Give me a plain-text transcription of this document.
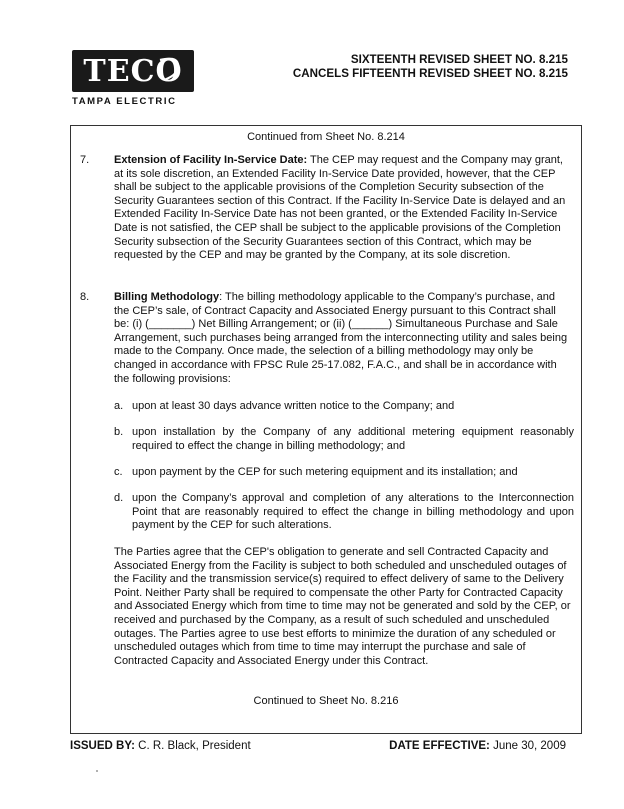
TECO
TAMPA ELECTRIC
SIXTEENTH REVISED SHEET NO. 8.215
CANCELS FIFTEENTH REVISED SHEET NO. 8.215
Continued from Sheet No. 8.214
7. Extension of Facility In-Service Date: The CEP may request and the Company may grant, at its sole discretion, an Extended Facility In-Service Date provided, however, that the CEP shall be subject to the applicable provisions of the Completion Security subsection of the Security Guarantees section of this Contract. If the Facility In-Service Date is delayed and an Extended Facility In-Service Date has not been granted, or the Extended Facility In-Service Date is not satisfied, the CEP shall be subject to the applicable provisions of the Completion Security subsection of the Security Guarantees section of this Contract, which may be requested by the CEP and may be granted by the Company, at its sole discretion.
8. Billing Methodology: The billing methodology applicable to the Company’s purchase, and the CEP’s sale, of Contract Capacity and Associated Energy pursuant to this Contract shall be: (i) (_______) Net Billing Arrangement; or (ii) (______) Simultaneous Purchase and Sale Arrangement, such purchases being arranged from the interconnecting utility and sales being made to the Company. Once made, the selection of a billing methodology may only be changed in accordance with FPSC Rule 25-17.082, F.A.C., and shall be in accordance with the following provisions:
a. upon at least 30 days advance written notice to the Company; and
b. upon installation by the Company of any additional metering equipment reasonably required to effect the change in billing methodology; and
c. upon payment by the CEP for such metering equipment and its installation; and
d. upon the Company’s approval and completion of any alterations to the Interconnection Point that are reasonably required to effect the change in billing methodology and upon payment by the CEP for such alterations.
The Parties agree that the CEP's obligation to generate and sell Contracted Capacity and Associated Energy from the Facility is subject to both scheduled and unscheduled outages of the Facility and the transmission service(s) required to effect delivery of same to the Delivery Point. Neither Party shall be required to compensate the other Party for Contracted Capacity and Associated Energy which from time to time may not be generated and sold by the CEP, or received and purchased by the Company, as a result of such scheduled and unscheduled outages. The Parties agree to use best efforts to minimize the duration of any scheduled or unscheduled outages which from time to time may interrupt the purchase and sale of Contracted Capacity and Associated Energy under this Contract.
Continued to Sheet No. 8.216
ISSUED BY: C. R. Black, President	DATE EFFECTIVE: June 30, 2009
